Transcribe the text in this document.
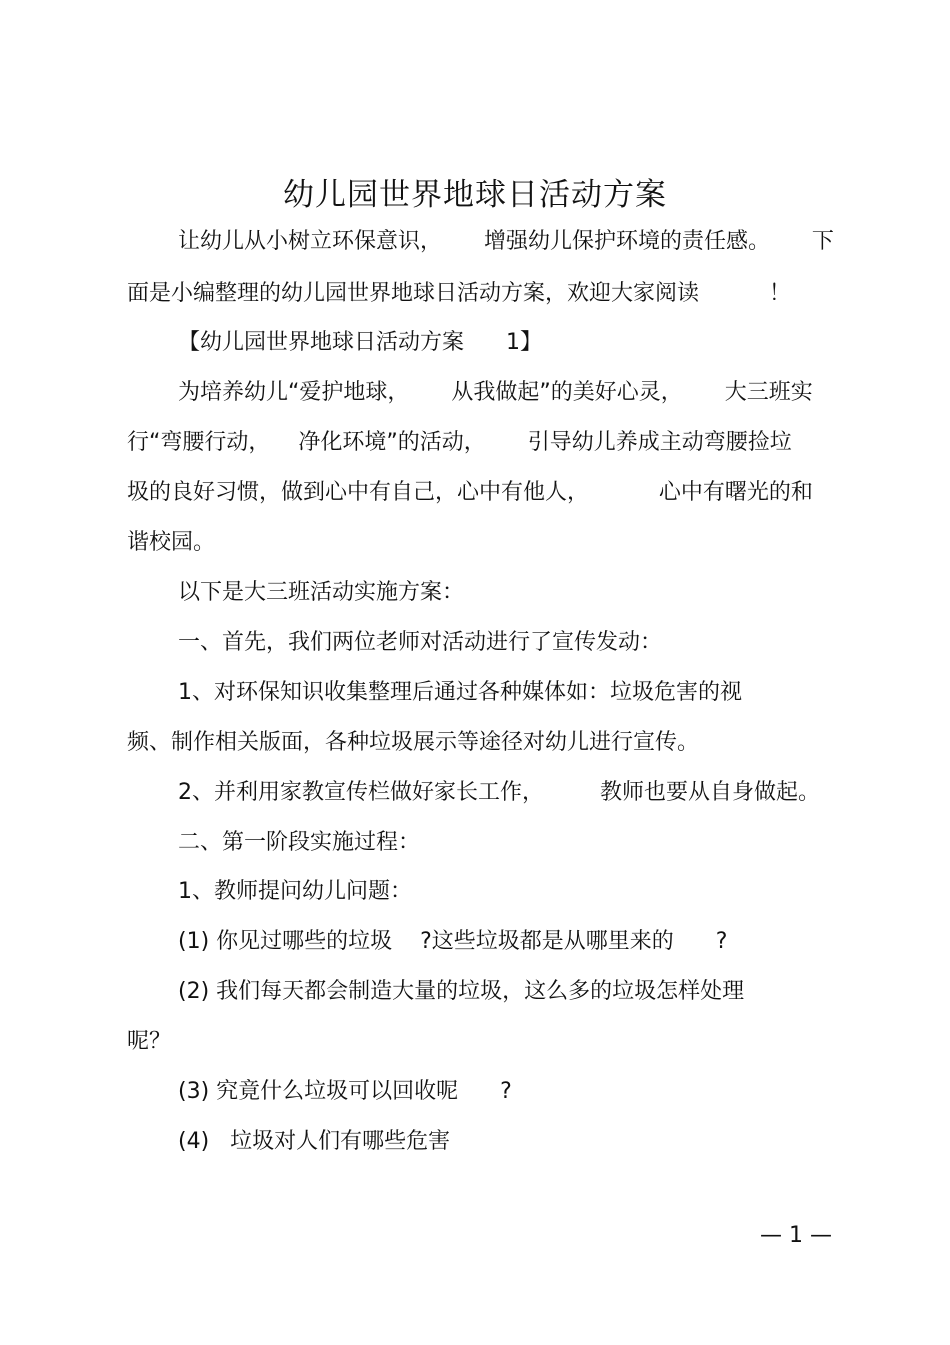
幼儿园世界地球日活动方案

让幼儿从小树立环保意识，      增强幼儿保护环境的责任感。      下

面是小编整理的幼儿园世界地球日活动方案，欢迎大家阅读          ！

【幼儿园世界地球日活动方案      1】

为培养幼儿“爱护地球，      从我做起”的美好心灵，      大三班实

行“弯腰行动，    净化环境”的活动，      引导幼儿养成主动弯腰捡垃

圾的良好习惯，做到心中有自己，心中有他人，          心中有曙光的和

谐校园。

以下是大三班活动实施方案：

一、首先，我们两位老师对活动进行了宣传发动：

1、对环保知识收集整理后通过各种媒体如：垃圾危害的视

频、制作相关版面，各种垃圾展示等途径对幼儿进行宣传。

2、并利用家教宣传栏做好家长工作，        教师也要从自身做起。

二、第一阶段实施过程：

1、教师提问幼儿问题：

(1) 你见过哪些的垃圾    ?这些垃圾都是从哪里来的      ?

(2) 我们每天都会制造大量的垃圾，这么多的垃圾怎样处理

呢？

(3) 究竟什么垃圾可以回收呢      ?

(4)   垃圾对人们有哪些危害

— 1 —
